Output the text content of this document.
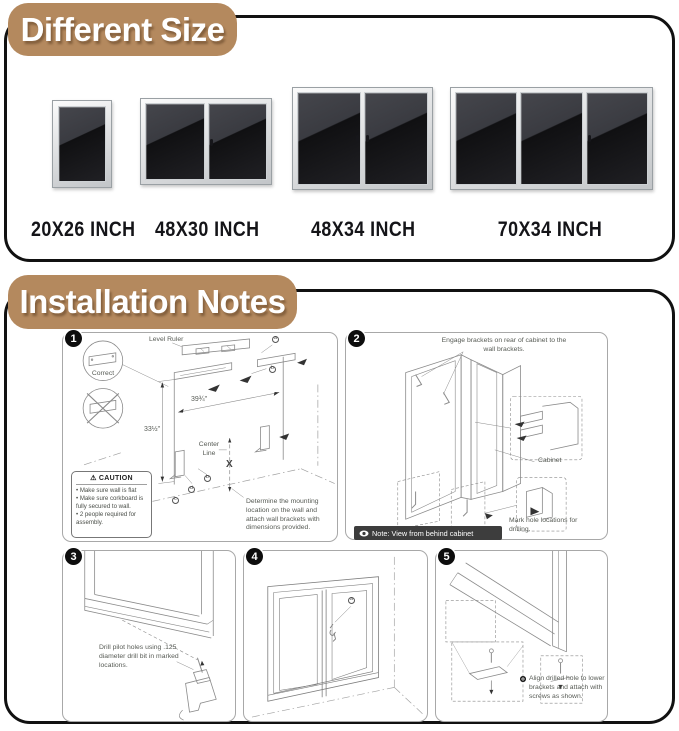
Different Size
20X26 INCH 48X30 INCH 48X34 INCH	70X34 INCH
Installation Notes
1	Level Ruler
Correct
39¾"
33½"
Center Line
X
a
b
c
d
b
⚠ CAUTION
• Make sure wall is flat
• Make sure corkboard is fully secured to wall.
• 2 people required for assembly.
Determine the mounting location on the wall and attach wall brackets with dimensions provided.
2	Engage brackets on rear of cabinet to the wall brackets.
Cabinet
Mark hole locations for drilling.
Note: View from behind cabinet
3
Drill pilot holes using .125 diameter drill bit in marked locations.
4
a
5
Align drilled hole to lower brackets and attach with screws as shown.
